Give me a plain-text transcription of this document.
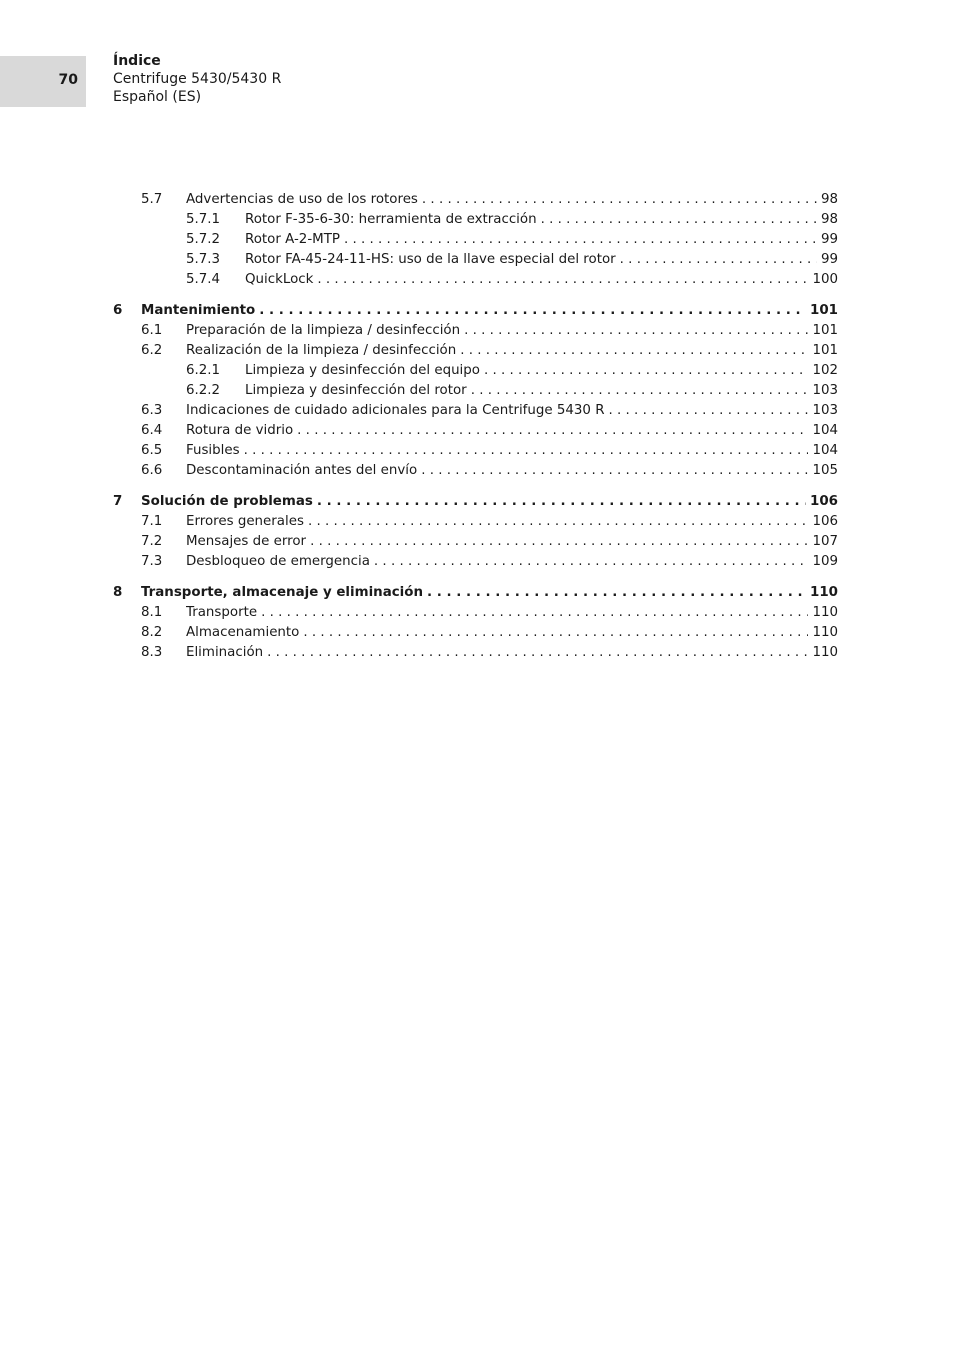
70
Índice
Centrifuge 5430/5430 R
Español (ES)
5.7 Advertencias de uso de los rotores . . .	98
5.7.1 Rotor F-35-6-30: herramienta de extracción . . .	98
5.7.2 Rotor A-2-MTP . . .	99
5.7.3 Rotor FA-45-24-11-HS: uso de la llave especial del rotor . . .	99
5.7.4 QuickLock . . .	100
6 Mantenimiento . . .	101
6.1 Preparación de la limpieza / desinfección . . .	101
6.2 Realización de la limpieza / desinfección . . .	101
6.2.1 Limpieza y desinfección del equipo . . .	102
6.2.2 Limpieza y desinfección del rotor . . .	103
6.3 Indicaciones de cuidado adicionales para la Centrifuge 5430 R . . .	103
6.4 Rotura de vidrio . . .	104
6.5 Fusibles . . .	104
6.6 Descontaminación antes del envío . . .	105
7 Solución de problemas . . .	106
7.1 Errores generales . . .	106
7.2 Mensajes de error . . .	107
7.3 Desbloqueo de emergencia . . .	109
8 Transporte, almacenaje y eliminación . . .	110
8.1 Transporte . . .	110
8.2 Almacenamiento . . .	110
8.3 Eliminación . . .	110
